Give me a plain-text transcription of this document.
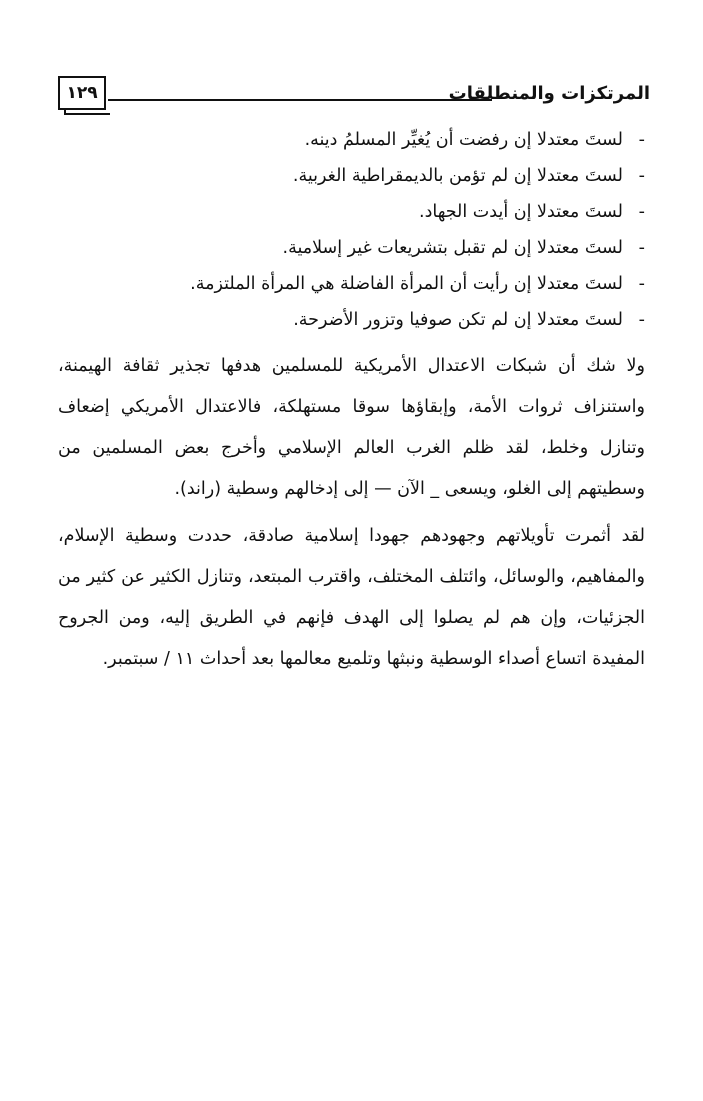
المرتكزات والمنطلقات
١٢٩
-لستَ معتدلا إن رفضت أن يُغيِّر المسلمُ دينه.
-لستَ معتدلا إن لم تؤمن بالديمقراطية الغربية.
-لستَ معتدلا إن أيدت الجهاد.
-لستَ معتدلا إن لم تقبل بتشريعات غير إسلامية.
-لستَ معتدلا إن رأيت أن المرأة الفاضلة هي المرأة الملتزمة.
-لستَ معتدلا إن لم تكن صوفيا وتزور الأضرحة.

ولا شك أن شبكات الاعتدال الأمريكية للمسلمين هدفها تجذير ثقافة الهيمنة، واستنزاف ثروات الأمة، وإبقاؤها سوقا مستهلكة، فالاعتدال الأمريكي إضعاف وتنازل وخلط، لقد ظلم الغرب العالم الإسلامي وأخرج بعض المسلمين من وسطيتهم إلى الغلو، ويسعى _ الآن — إلى إدخالهم وسطية (راند).

لقد أثمرت تأويلاتهم وجهودهم جهودا إسلامية صادقة، حددت وسطية الإسلام، والمفاهيم، والوسائل، وائتلف المختلف، واقترب المبتعد، وتنازل الكثير عن كثير من الجزئيات، وإن هم لم يصلوا إلى الهدف فإنهم في الطريق إليه، ومن الجروح المفيدة اتساع أصداء الوسطية ونبثها وتلميع معالمها بعد أحداث ١١ / سبتمبر.
